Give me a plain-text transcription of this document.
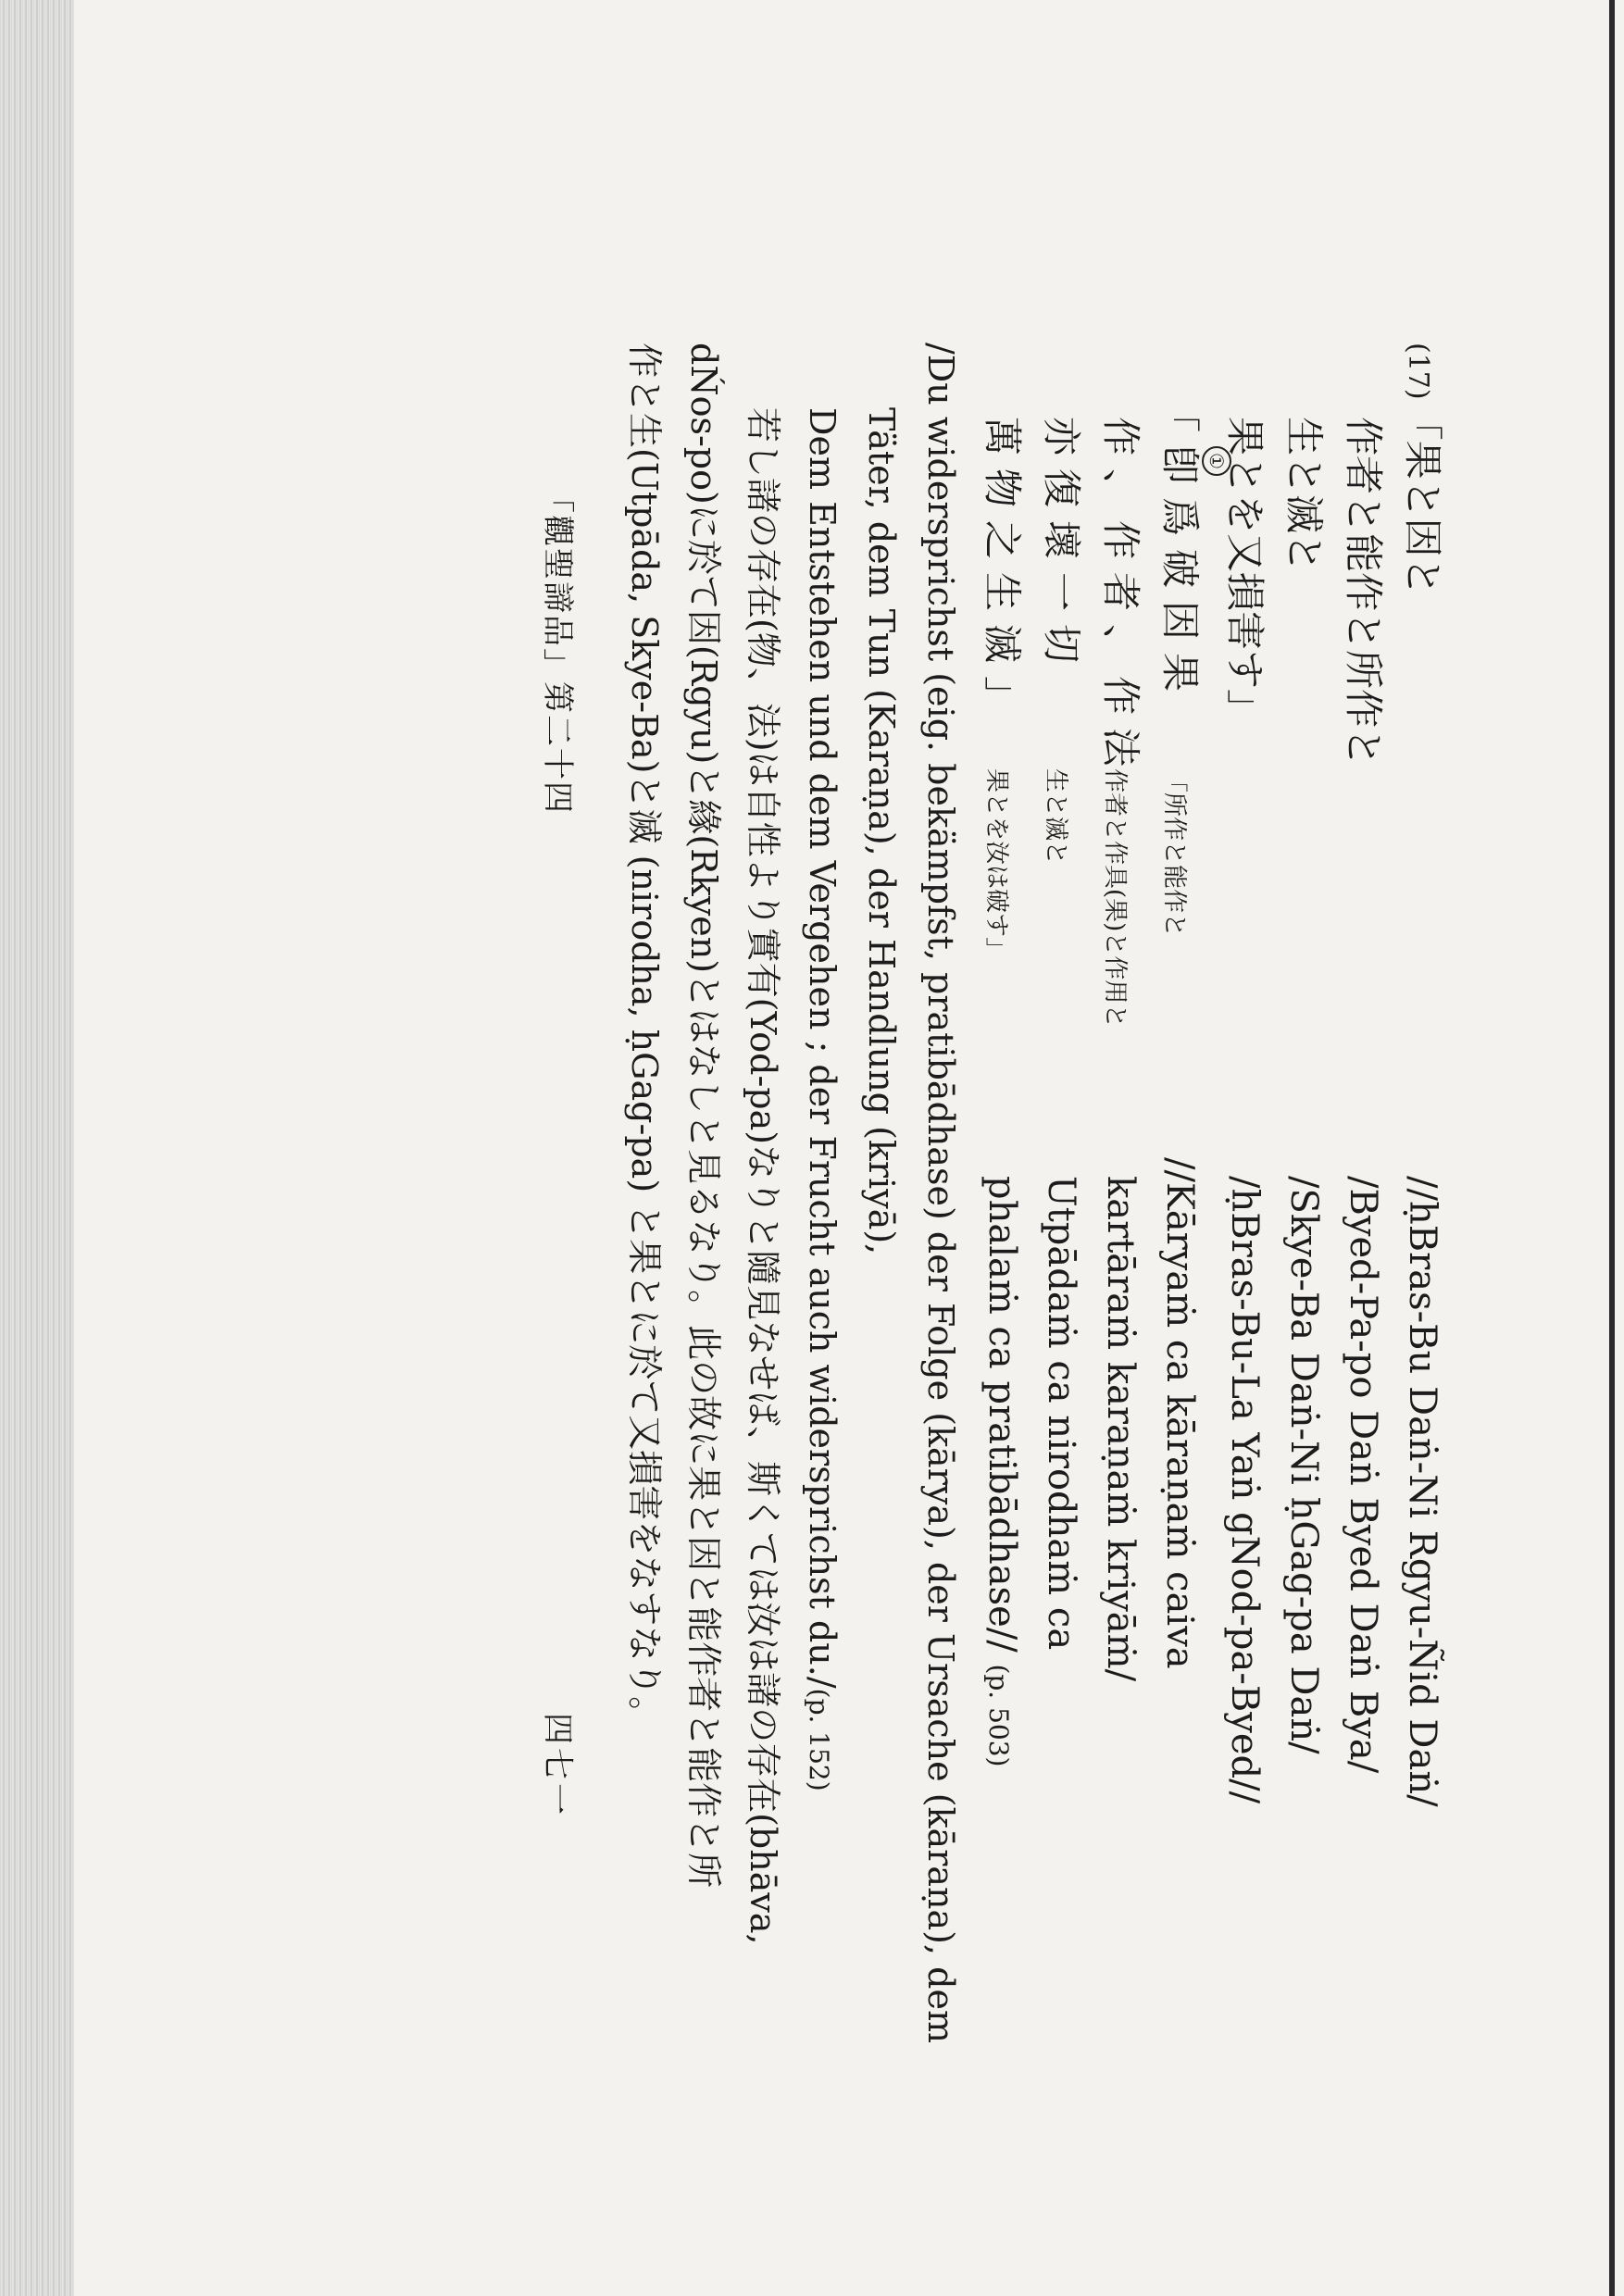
(17)「果と因と
//ḥBras-Bu Daṅ-Ni Rgyu-Ñid Daṅ/
作者と能作と所作と
/Byed-Pa-po Daṅ Byed Daṅ Bya/
生と滅と
/Skye-Ba Daṅ-Ni ḥGag-pa Daṅ/
果とを又損害す」
/ḥBras-Bu-La Yaṅ gNod-pa-Byed//
①
「卽爲破因果
「所作と能作と
//Kāryaṁ ca kāraṇaṁ caiva
作、作者、作法
作者と作具(果)と作用と
kartāraṁ karaṇaṁ kriyāṁ/
亦復壞一切
生と滅と
Utpādaṁ ca nirodhaṁ ca
萬物之生滅」
果とを汝は破す」
phalaṁ ca pratibādhase// (p. 503)
/Du widersprichst (eig. bekämpfst, pratibādhase) der Folge (kārya), der Ursache (kāraṇa), dem
Täter, dem Tun (Karaṇa), der Handlung (kriyā),
Dem Entstehen und dem Vergehen ; der Frucht auch widersprichst du./(p. 152)
若し諸の存在(物、法)は自性より實有(Yod-pa)なりと隨見なせば、斯くては汝は諸の存在(bhāva,
dŃos-po)に於て因(Rgyu)と緣(Rkyen)とはなしと見るなり。此の故に果と因と能作者と能作と所
作と生(Utpāda, Skye-Ba)と滅 (nirodha, ḥGag-pa) と果とに於て又損害をなすなり。
「觀聖諦品」第二十四
四七一
